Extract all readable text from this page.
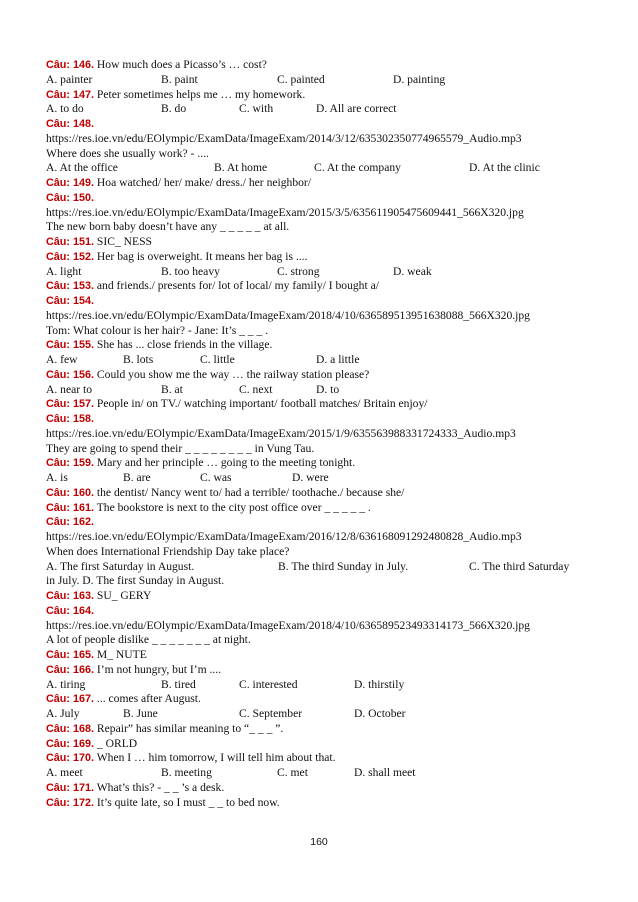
Câu: 146. How much does a Picasso’s … cost?
A. painter	B. paint	C. painted	D. painting
Câu: 147. Peter sometimes helps me … my homework.
A. to do	B. do	C. with	D. All are correct
Câu: 148.
https://res.ioe.vn/edu/EOlympic/ExamData/ImageExam/2014/3/12/635302350774965579_Audio.mp3
Where does she usually work? - ....
A. At the office	B. At home	C. At the company	D. At the clinic
Câu: 149. Hoa watched/ her/ make/ dress./ her neighbor/
Câu: 150.
https://res.ioe.vn/edu/EOlympic/ExamData/ImageExam/2015/3/5/635611905475609441_566X320.jpg
The new born baby doesn’t have any _ _ _ _ _ at all.
Câu: 151. SIC_ NESS
Câu: 152. Her bag is overweight. It means her bag is ....
A. light	B. too heavy	C. strong	D. weak
Câu: 153. and friends./ presents for/ lot of local/ my family/ I bought a/
Câu: 154.
https://res.ioe.vn/edu/EOlympic/ExamData/ImageExam/2018/4/10/636589513951638088_566X320.jpg
Tom: What colour is her hair? - Jane: It’s _ _ _ .
Câu: 155. She has ... close friends in the village.
A. few	B. lots	C. little	D. a little
Câu: 156. Could you show me the way … the railway station please?
A. near to	B. at	C. next	D. to
Câu: 157. People in/ on TV./ watching important/ football matches/ Britain enjoy/
Câu: 158.
https://res.ioe.vn/edu/EOlympic/ExamData/ImageExam/2015/1/9/635563988331724333_Audio.mp3
They are going to spend their _ _ _ _ _ _ _ _ in Vung Tau.
Câu: 159. Mary and her principle … going to the meeting tonight.
A. is	B. are	C. was	D. were
Câu: 160. the dentist/ Nancy went to/ had a terrible/ toothache./ because she/
Câu: 161. The bookstore is next to the city post office over _ _ _ _ _ .
Câu: 162.
https://res.ioe.vn/edu/EOlympic/ExamData/ImageExam/2016/12/8/636168091292480828_Audio.mp3
When does International Friendship Day take place?
A. The first Saturday in August.	B. The third Sunday in July.	C. The third Saturday
in July. D. The first Sunday in August.
Câu: 163. SU_ GERY
Câu: 164.
https://res.ioe.vn/edu/EOlympic/ExamData/ImageExam/2018/4/10/636589523493314173_566X320.jpg
A lot of people dislike _ _ _ _ _ _ _ at night.
Câu: 165. M_ NUTE
Câu: 166. I’m not hungry, but I’m ....
A. tiring	B. tired	C. interested	D. thirstily
Câu: 167. ... comes after August.
A. July	B. June	C. September	D. October
Câu: 168. Repair” has similar meaning to “_ _ _ ”.
Câu: 169. _ ORLD
Câu: 170. When I … him tomorrow, I will tell him about that.
A. meet	B. meeting	C. met	D. shall meet
Câu: 171. What’s this? - _ _ ’s a desk.
Câu: 172. It’s quite late, so I must _ _ to bed now.
160
